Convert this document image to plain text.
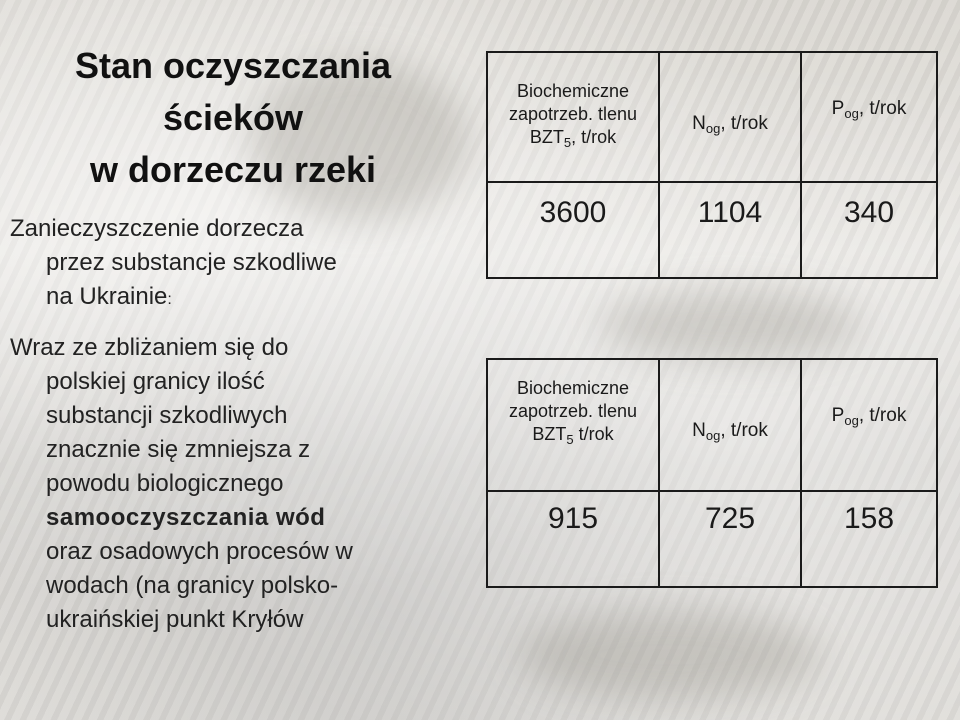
Stan oczyszczania
ścieków
w dorzeczu rzeki

Zanieczyszczenie dorzecza
przez substancje szkodliwe
na Ukrainie:

Wraz ze zbliżaniem się do
polskiej granicy ilość
substancji szkodliwych
znacznie się zmniejsza z
powodu biologicznego
samooczyszczania wód
oraz osadowych procesów w
wodach (na granicy polsko-
ukraińskiej punkt Kryłów

Biochemiczne
zapotrzeb. tlenu
$BZT_5$, t/rok	$N_{og}$, t/rok	$P_{og}$, t/rok
3600	1104	340
Biochemiczne
zapotrzeb. tlenu
$BZT_5$ t/rok	$N_{og}$, t/rok	$P_{og}$, t/rok
915	725	158
